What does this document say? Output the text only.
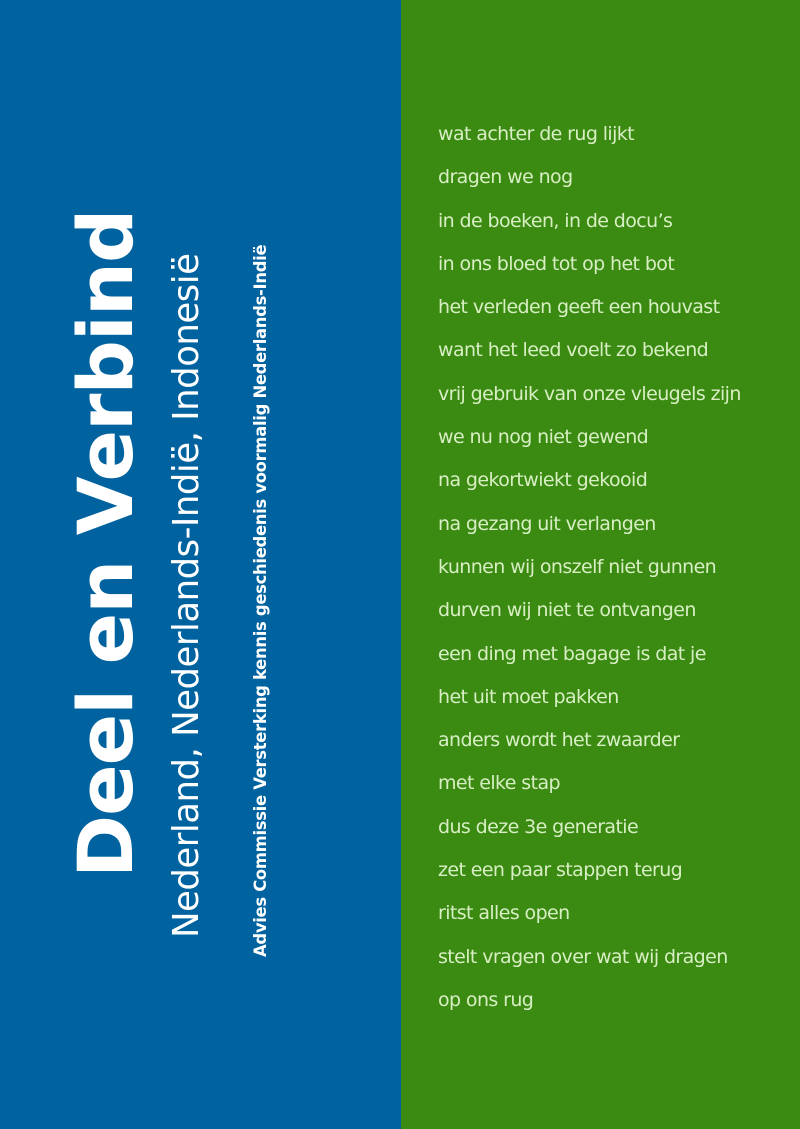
Deel en Verbind Nederland, Nederlands-Indië, Indonesië	Advies Commissie Versterking kennis geschiedenis voormalig Nederlands-Indië
wat achter de rug lijkt
dragen we nog
in de boeken, in de docu’s
in ons bloed tot op het bot
het verleden geeft een houvast
want het leed voelt zo bekend
vrij gebruik van onze vleugels zijn
we nu nog niet gewend
na gekortwiekt gekooid
na gezang uit verlangen
kunnen wij onszelf niet gunnen
durven wij niet te ontvangen
een ding met bagage is dat je
het uit moet pakken
anders wordt het zwaarder
met elke stap
dus deze 3e generatie
zet een paar stappen terug
ritst alles open
stelt vragen over wat wij dragen
op ons rug
